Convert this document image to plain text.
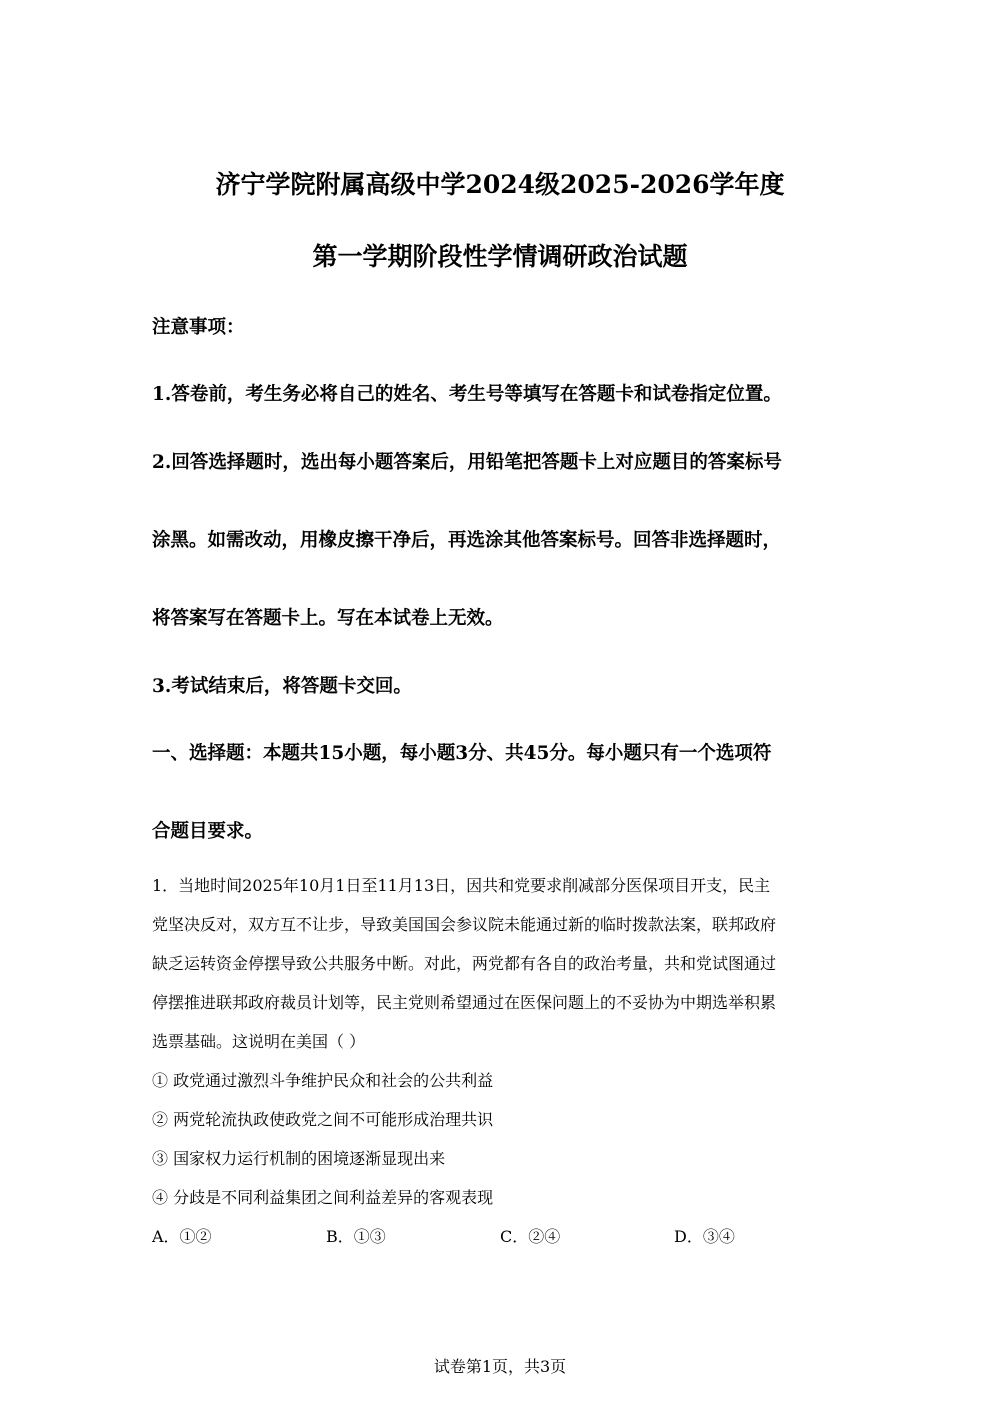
济宁学院附属高级中学2024级2025-2026学年度
第一学期阶段性学情调研政治试题
注意事项：
1.答卷前，考生务必将自己的姓名、考生号等填写在答题卡和试卷指定位置。
2.回答选择题时，选出每小题答案后，用铅笔把答题卡上对应题目的答案标号
涂黑。如需改动，用橡皮擦干净后，再选涂其他答案标号。回答非选择题时，
将答案写在答题卡上。写在本试卷上无效。
3.考试结束后，将答题卡交回。
一、选择题：本题共15小题，每小题3分、共45分。每小题只有一个选项符
合题目要求。
1．当地时间2025年10月1日至11月13日，因共和党要求削减部分医保项目开支，民主
党坚决反对，双方互不让步，导致美国国会参议院未能通过新的临时拨款法案，联邦政府
缺乏运转资金停摆导致公共服务中断。对此，两党都有各自的政治考量，共和党试图通过
停摆推进联邦政府裁员计划等，民主党则希望通过在医保问题上的不妥协为中期选举积累
选票基础。这说明在美国（ ）
① 政党通过激烈斗争维护民众和社会的公共利益
② 两党轮流执政使政党之间不可能形成治理共识
③ 国家权力运行机制的困境逐渐显现出来
④ 分歧是不同利益集团之间利益差异的客观表现
A．①②	B．①③	C．②④	D．③④
试卷第1页，共3页
